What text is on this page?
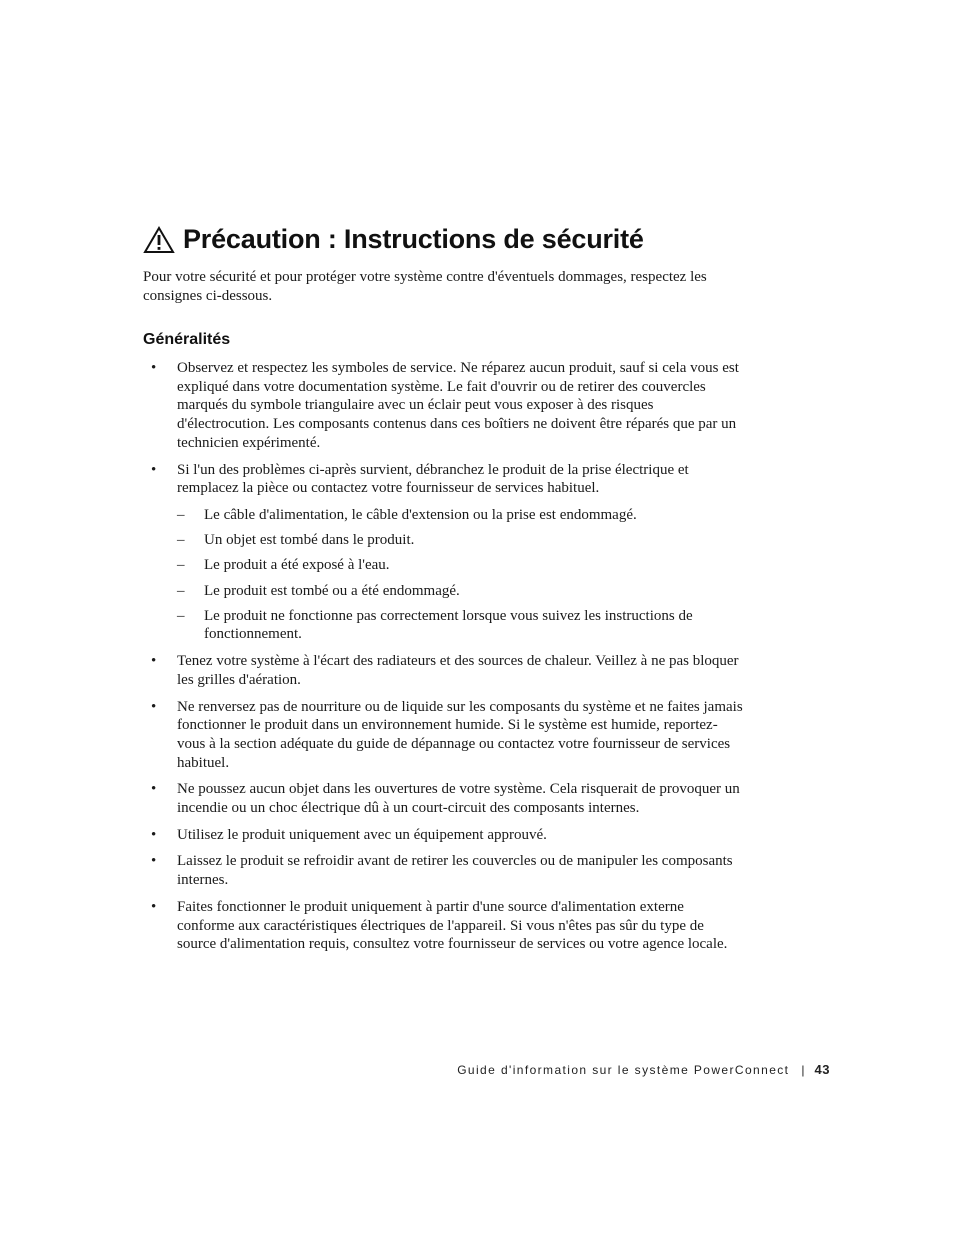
Précaution : Instructions de sécurité

Pour votre sécurité et pour protéger votre système contre d'éventuels dommages, respectez les consignes ci-dessous.

Généralités
• Observez et respectez les symboles de service. Ne réparez aucun produit, sauf si cela vous est expliqué dans votre documentation système. Le fait d'ouvrir ou de retirer des couvercles marqués du symbole triangulaire avec un éclair peut vous exposer à des risques d'électrocution. Les composants contenus dans ces boîtiers ne doivent être réparés que par un technicien expérimenté.
• Si l'un des problèmes ci-après survient, débranchez le produit de la prise électrique et remplacez la pièce ou contactez votre fournisseur de services habituel.
– Le câble d'alimentation, le câble d'extension ou la prise est endommagé.
– Un objet est tombé dans le produit.
– Le produit a été exposé à l'eau.
– Le produit est tombé ou a été endommagé.
– Le produit ne fonctionne pas correctement lorsque vous suivez les instructions de fonctionnement.
• Tenez votre système à l'écart des radiateurs et des sources de chaleur. Veillez à ne pas bloquer les grilles d'aération.
• Ne renversez pas de nourriture ou de liquide sur les composants du système et ne faites jamais fonctionner le produit dans un environnement humide. Si le système est humide, reportez-vous à la section adéquate du guide de dépannage ou contactez votre fournisseur de services habituel.
• Ne poussez aucun objet dans les ouvertures de votre système. Cela risquerait de provoquer un incendie ou un choc électrique dû à un court-circuit des composants internes.
• Utilisez le produit uniquement avec un équipement approuvé.
• Laissez le produit se refroidir avant de retirer les couvercles ou de manipuler les composants internes.
• Faites fonctionner le produit uniquement à partir d'une source d'alimentation externe conforme aux caractéristiques électriques de l'appareil. Si vous n'êtes pas sûr du type de source d'alimentation requis, consultez votre fournisseur de services ou votre agence locale.
Guide d'information sur le système PowerConnect | 43
